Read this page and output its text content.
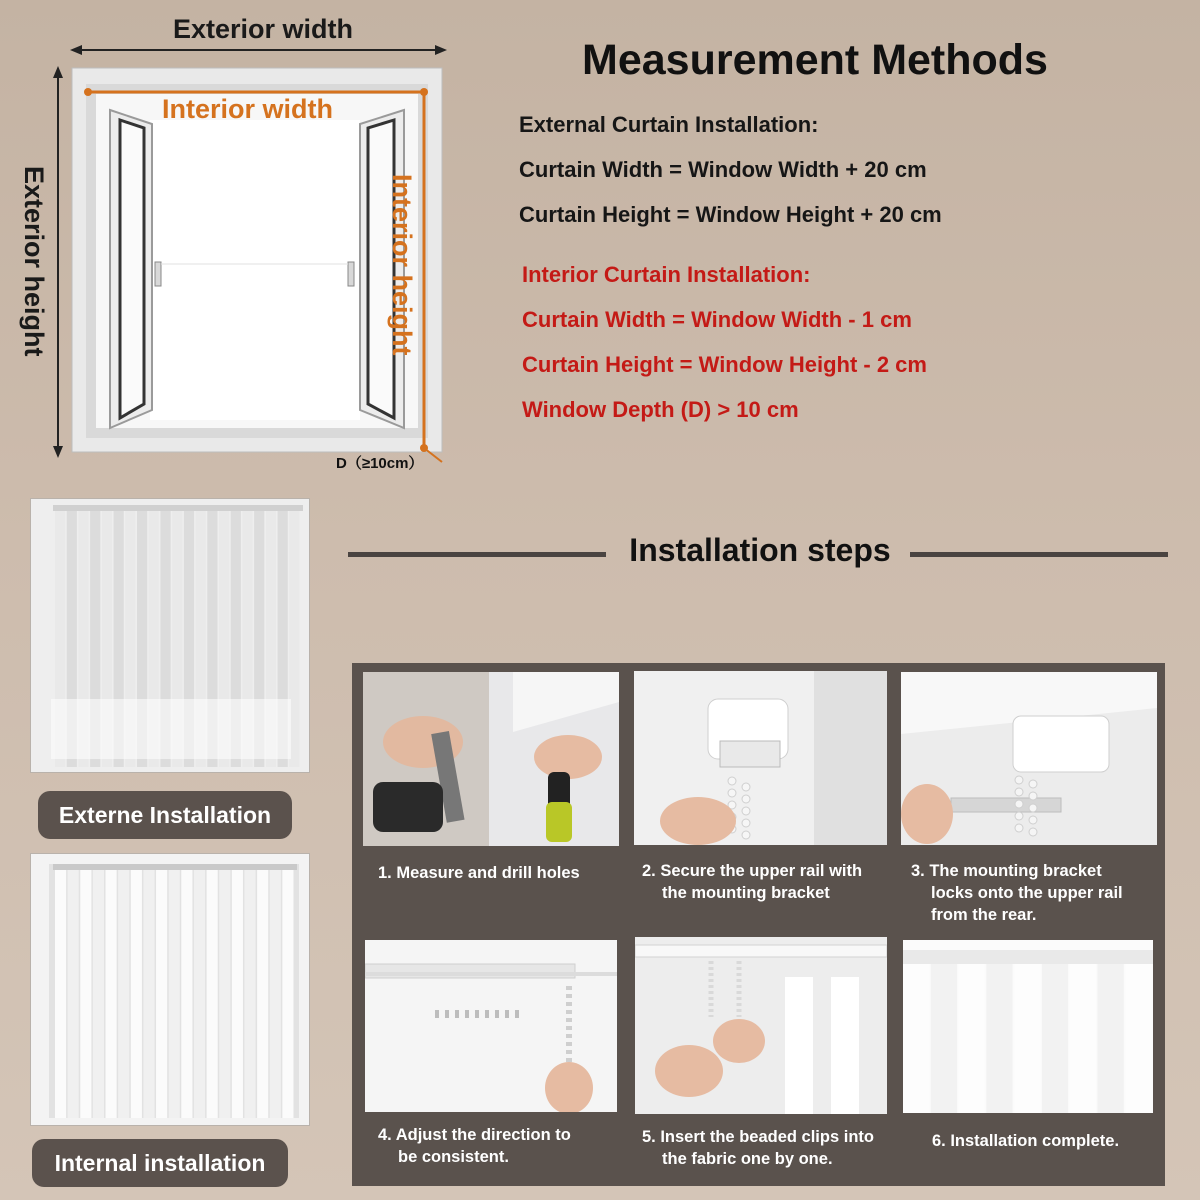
Exterior width
Interior width
Exterior height	Interior height
D（≥10cm）
Measurement Methods
External Curtain Installation:
Curtain Width = Window Width + 20 cm
Curtain Height = Window Height + 20 cm
Interior Curtain Installation:
Curtain Width = Window Width - 1 cm
Curtain Height = Window Height - 2 cm
Window Depth (D) > 10 cm
Externe Installation
Internal installation
Installation steps
1. Measure and drill holes	2. Secure the upper rail with
the mounting bracket
3. The mounting bracket
locks onto the upper rail
from the rear.
4. Adjust the direction to
be consistent.
5. Insert the beaded clips into
the fabric one by one.
6. Installation complete.
